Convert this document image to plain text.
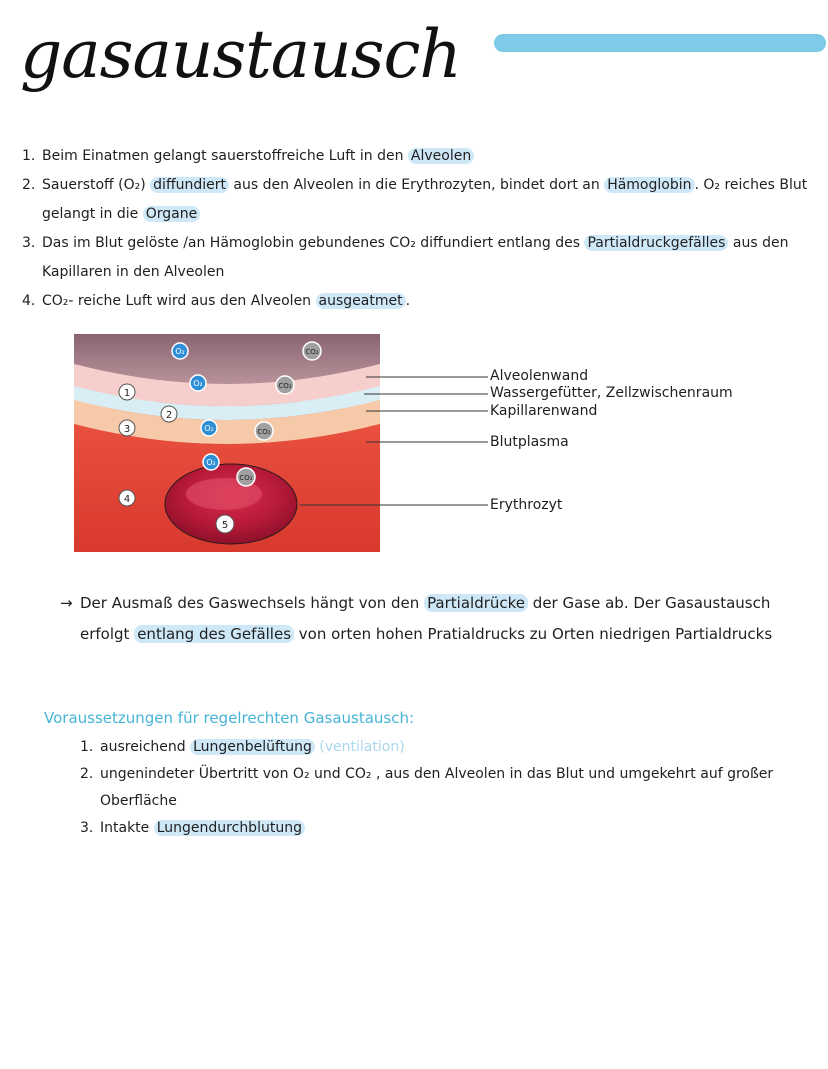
gasaustausch
1. Beim Einatmen gelangt sauerstoffreiche Luft in den Alveolen
2. Sauerstoff (O₂) diffundiert aus den Alveolen in die Erythrozyten, bindet dort an Hämoglobin . O₂ reiches Blut gelangt in die Organe
3. Das im Blut gelöste /an Hämoglobin gebundenes CO₂ diffundiert entlang des Partialdruckgefälles aus den Kapillaren in den Alveolen
4. CO₂- reiche Luft wird aus den Alveolen ausgeatmet .
O₂
O₂
O₂
O₂
CO₂
CO₂
CO₂
CO₂
1
2
3
4
5
Alveolenwand
Wassergefütter, Zellzwischenraum
Kapillarenwand
Blutplasma
Erythrozyt
→ Der Ausmaß des Gaswechsels hängt von den Partialdrücke der Gase ab. Der Gasaustausch erfolgt entlang des Gefälles von orten hohen Pratialdrucks zu Orten niedrigen Partialdrucks
Voraussetzungen für regelrechten Gasaustausch:
1. ausreichend Lungenbelüftung (ventilation)
2. ungenindeter Übertritt von O₂ und CO₂ , aus den Alveolen in das Blut und umgekehrt auf großer Oberfläche
3. Intakte Lungendurchblutung
